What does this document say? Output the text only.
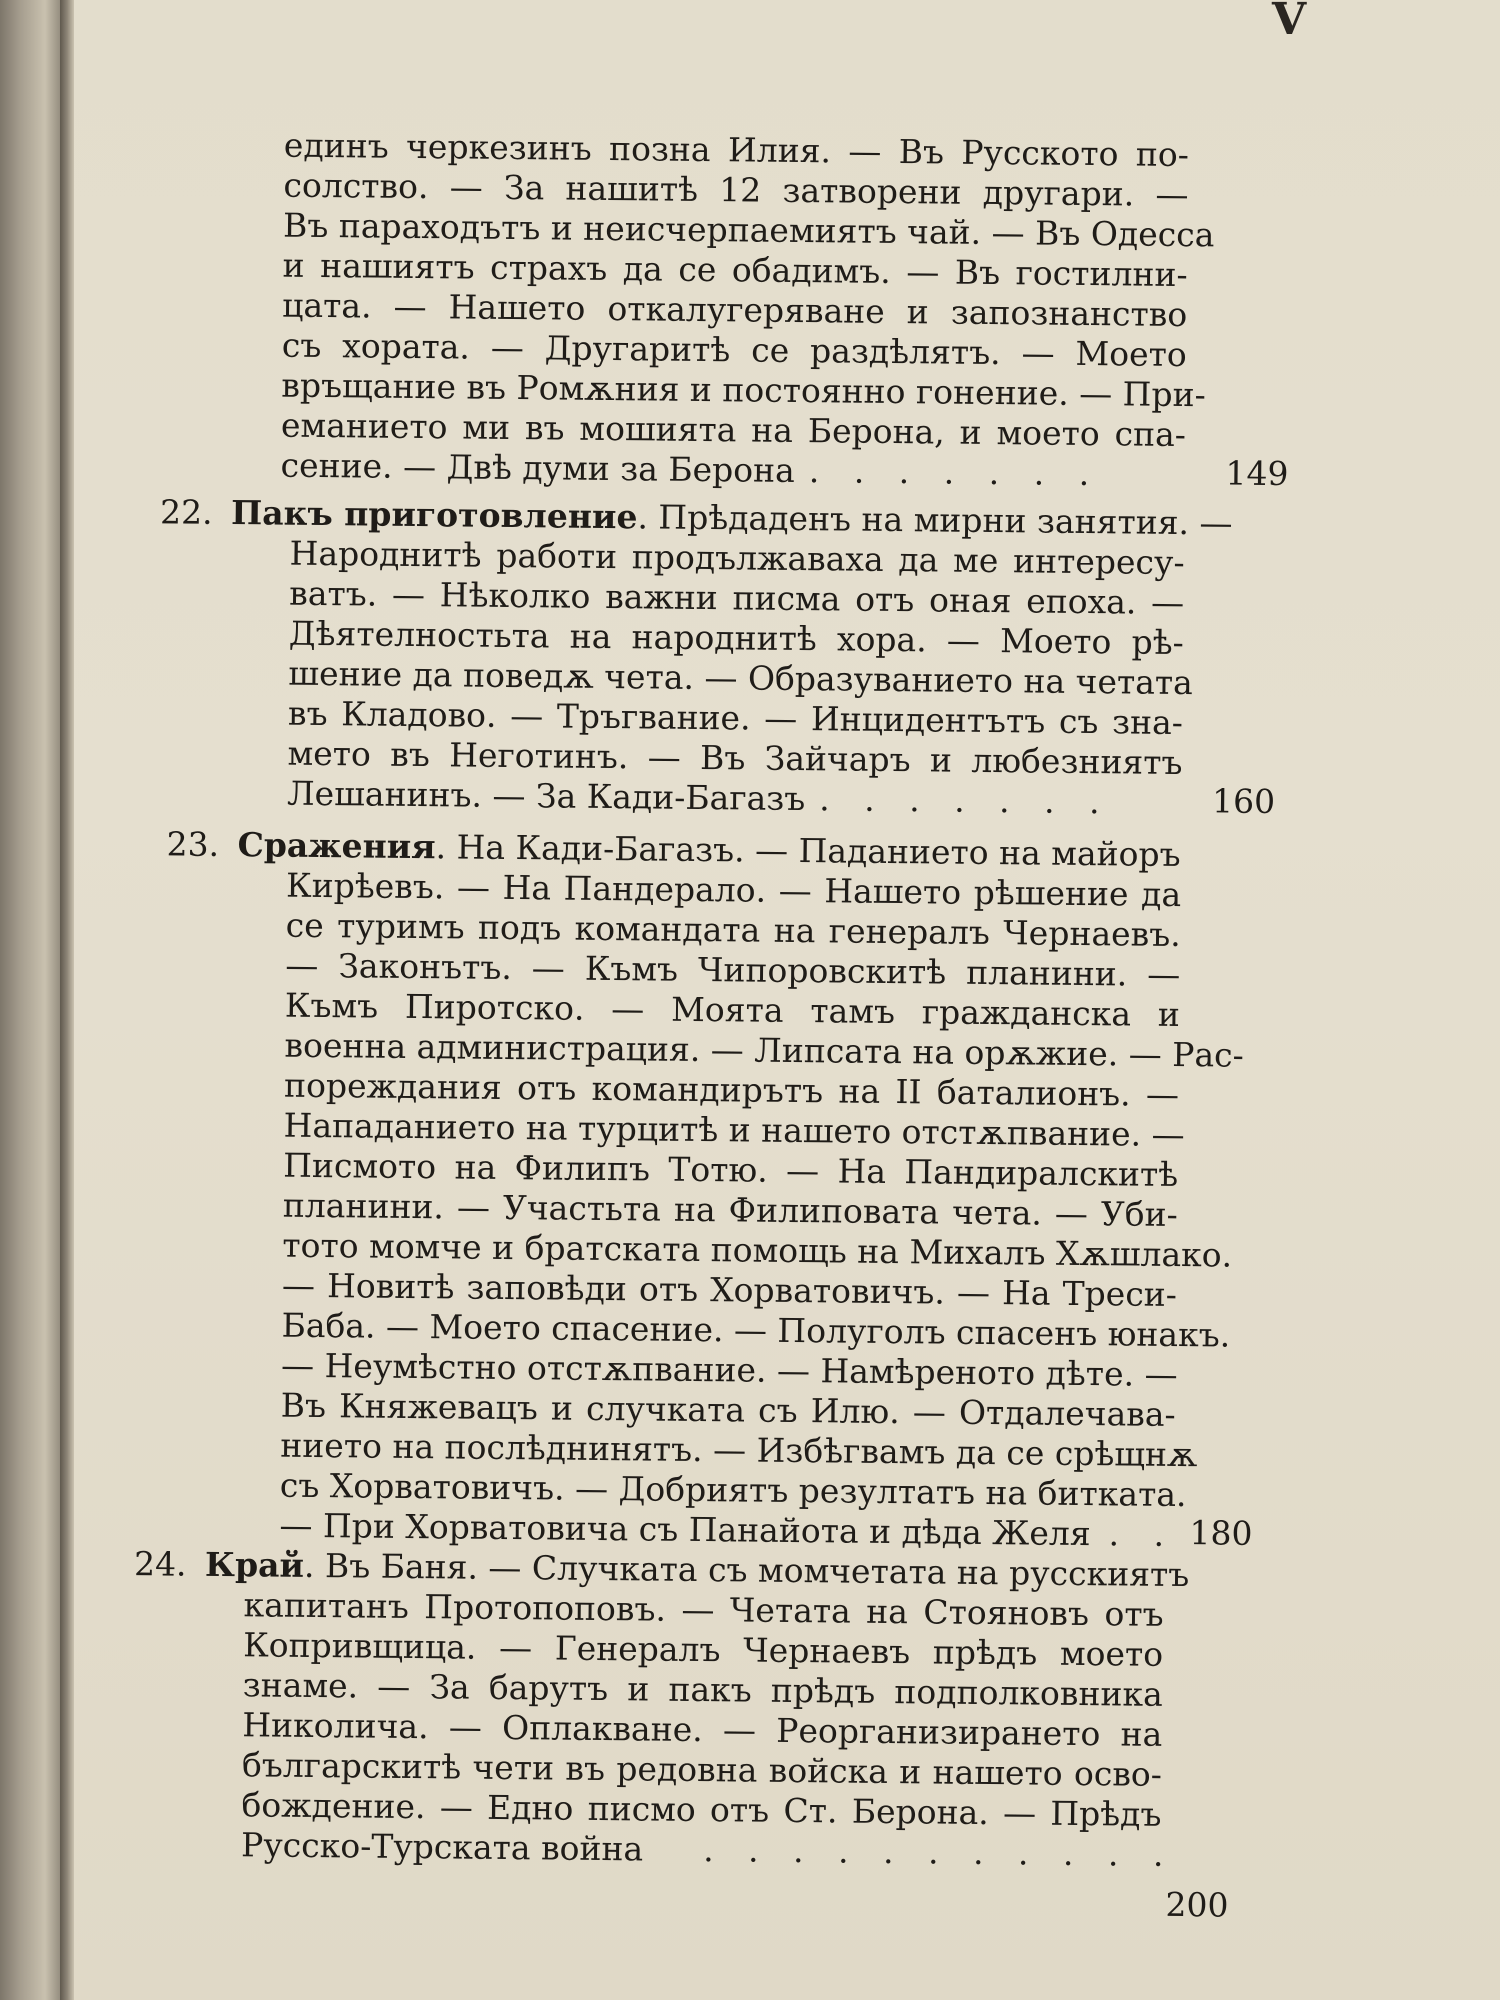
V
единъ черкезинъ позна Илия. — Въ Русското по-
солство. — За нашитѣ 12 затворени другари. —
Въ параходътъ и неисчерпаемиятъ чай. — Въ Одесса
и нашиятъ страхъ да се обадимъ. — Въ гостилни-
цата. — Нашето откалугеряване и запознанство
съ хората. — Другаритѣ се раздѣлятъ. — Моето
връщание въ Ромѫния и постоянно гонение. — При-
еманието ми въ мошията на Берона, и моето спа-
сение. — Двѣ думи за Берона . . . . . . .	149
22. Пакъ приготовление. Прѣдаденъ на мирни занятия. —
Народнитѣ работи продължаваха да ме интересу-
ватъ. — Нѣколко важни писма отъ оная епоха. —
Дѣятелностьта на народнитѣ хора. — Моето рѣ-
шение да поведѫ чета. — Образуванието на четата
въ Кладово. — Тръгвание. — Инцидентътъ съ зна-
мето въ Неготинъ. — Въ Зайчаръ и любезниятъ
Лешанинъ. — За Кади-Багазъ . . . . . . .	160
23. Сражения. На Кади-Багазъ. — Паданието на майоръ
Кирѣевъ. — На Пандерало. — Нашето рѣшение да
се туримъ подъ командата на генералъ Чернаевъ.
— Законътъ. — Къмъ Чипоровскитѣ планини. —
Къмъ Пиротско. — Моята тамъ гражданска и
военна администрация. — Липсата на орѫжие. — Рас-
пореждания отъ командирътъ на II баталионъ. —
Нападанието на турцитѣ и нашето отстѫпвание. —
Писмото на Филипъ Тотю. — На Пандиралскитѣ
планини. — Участьта на Филиповата чета. — Уби-
тото момче и братската помощь на Михалъ Хѫшлако.
— Новитѣ заповѣди отъ Хорватовичъ. — На Треси-
Баба. — Моето спасение. — Полуголъ спасенъ юнакъ.
— Неумѣстно отстѫпвание. — Намѣреното дѣте. —
Въ Княжевацъ и случката съ Илю. — Отдалечава-
нието на послѣднинятъ. — Избѣгвамъ да се срѣщнѫ
съ Хорватовичъ. — Добриятъ резултатъ на битката.
— При Хорватовича съ Панайота и дѣда Желя . . 180
24. Край. Въ Баня. — Случката съ момчетата на русскиятъ
капитанъ Протопоповъ. — Четата на Стояновъ отъ
Копривщица. — Генералъ Чернаевъ прѣдъ моето
знаме. — За барутъ и пакъ прѣдъ подполковника
Николича. — Оплакване. — Реорганизирането на
българскитѣ чети въ редовна войска и нашето осво-
бождение. — Едно писмо отъ Ст. Берона. — Прѣдъ
Русско-Турската война . . . . . . . . . . .
200
